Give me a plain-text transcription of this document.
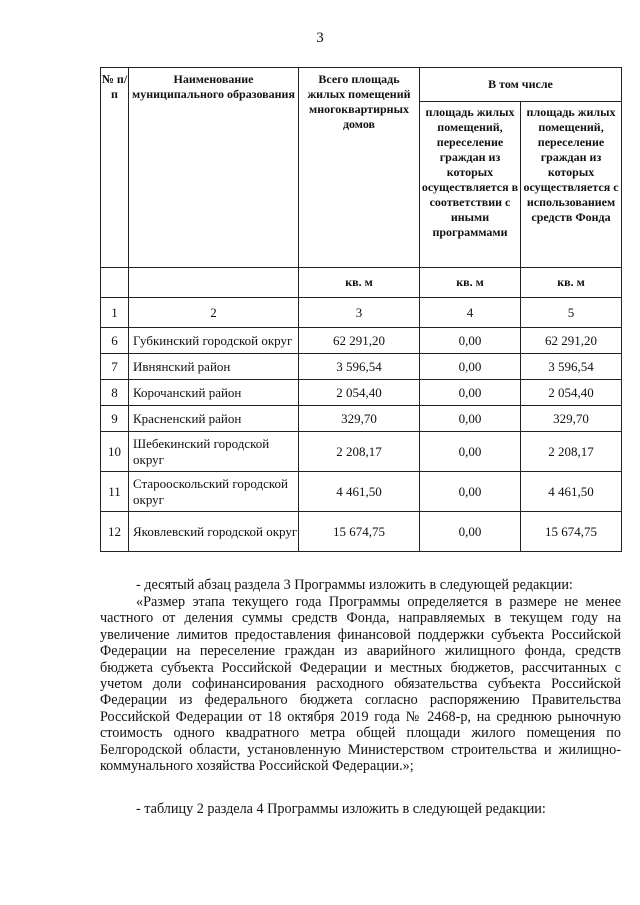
3
№ п/п	Наименование муниципального образования	Всего площадь жилых помещений многоквартирных домов	В том числе	
			площадь жилых помещений, переселение граждан из которых осуществляется в соответствии с иными программами	площадь жилых помещений, переселение граждан из которых осуществляется с использованием средств Фонда
		кв. м	кв. м	кв. м
1	2	3	4	5
6	Губкинский городской округ	62 291,20	0,00	62 291,20
7	Ивнянский район	3 596,54	0,00	3 596,54
8	Корочанский район	2 054,40	0,00	2 054,40
9	Красненский район	329,70	0,00	329,70
10	Шебекинский городской округ	2 208,17	0,00	2 208,17
11	Старооскольский городской округ	4 461,50	0,00	4 461,50
12	Яковлевский городской округ	15 674,75	0,00	15 674,75
- десятый абзац раздела 3 Программы изложить в следующей редакции:
«Размер этапа текущего года Программы определяется в размере не менее частного от деления суммы средств Фонда, направляемых в текущем году на увеличение лимитов предоставления финансовой поддержки субъекта Российской Федерации на переселение граждан из аварийного жилищного фонда, средств бюджета субъекта Российской Федерации и местных бюджетов, рассчитанных с учетом доли софинансирования расходного обязательства субъекта Российской Федерации из федерального бюджета согласно распоряжению Правительства Российской Федерации от 18 октября 2019 года № 2468-р, на среднюю рыночную стоимость одного квадратного метра общей площади жилого помещения по Белгородской области, установленную Министерством строительства и жилищно-коммунального хозяйства Российской Федерации.»;
- таблицу 2 раздела 4 Программы изложить в следующей редакции:
